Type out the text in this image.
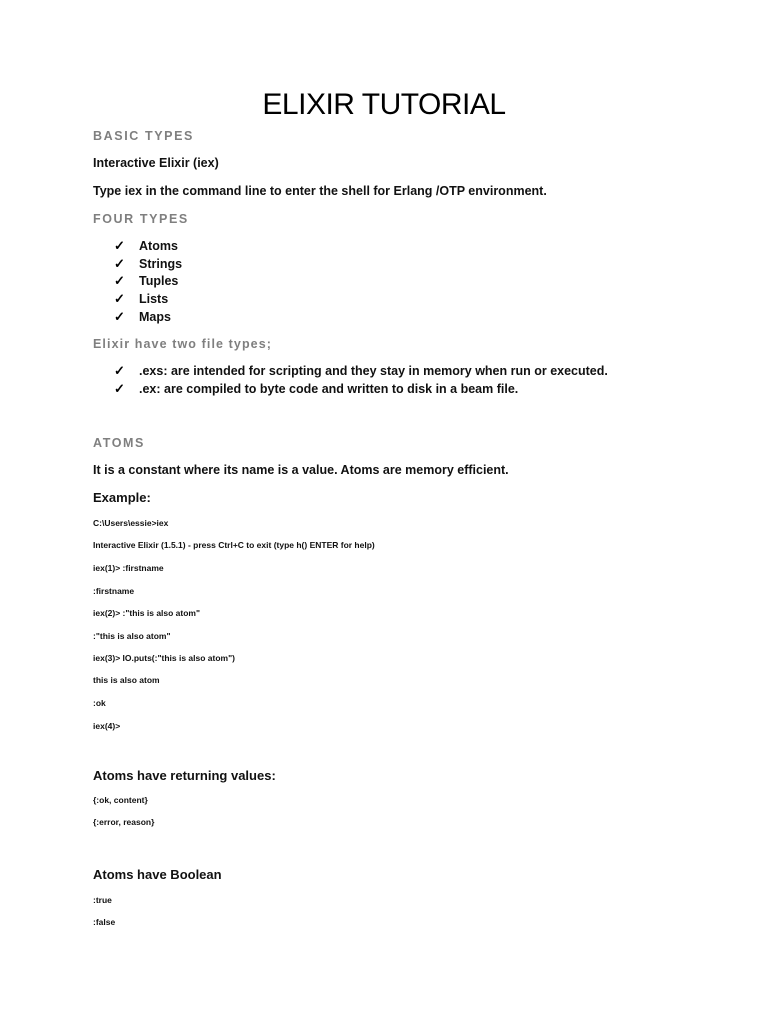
ELIXIR TUTORIAL
BASIC TYPES
Interactive Elixir (iex)
Type iex in the command line to enter the shell for Erlang /OTP environment.
FOUR TYPES
✓	Atoms
✓	Strings
✓	Tuples
✓	Lists
✓	Maps
Elixir have two file types;
✓	.exs: are intended for scripting and they stay in memory when run or executed.
✓	.ex: are compiled to byte code and written to disk in a beam file.
ATOMS
It is a constant where its name is a value. Atoms are memory efficient.
Example:
C:\Users\essie>iex
Interactive Elixir (1.5.1) - press Ctrl+C to exit (type h() ENTER for help)
iex(1)> :firstname
:firstname
iex(2)> :"this is also atom"
:"this is also atom"
iex(3)> IO.puts(:"this is also atom")
this is also atom
:ok
iex(4)>
Atoms have returning values:
{:ok, content}
{:error, reason}
Atoms have Boolean
:true
:false
